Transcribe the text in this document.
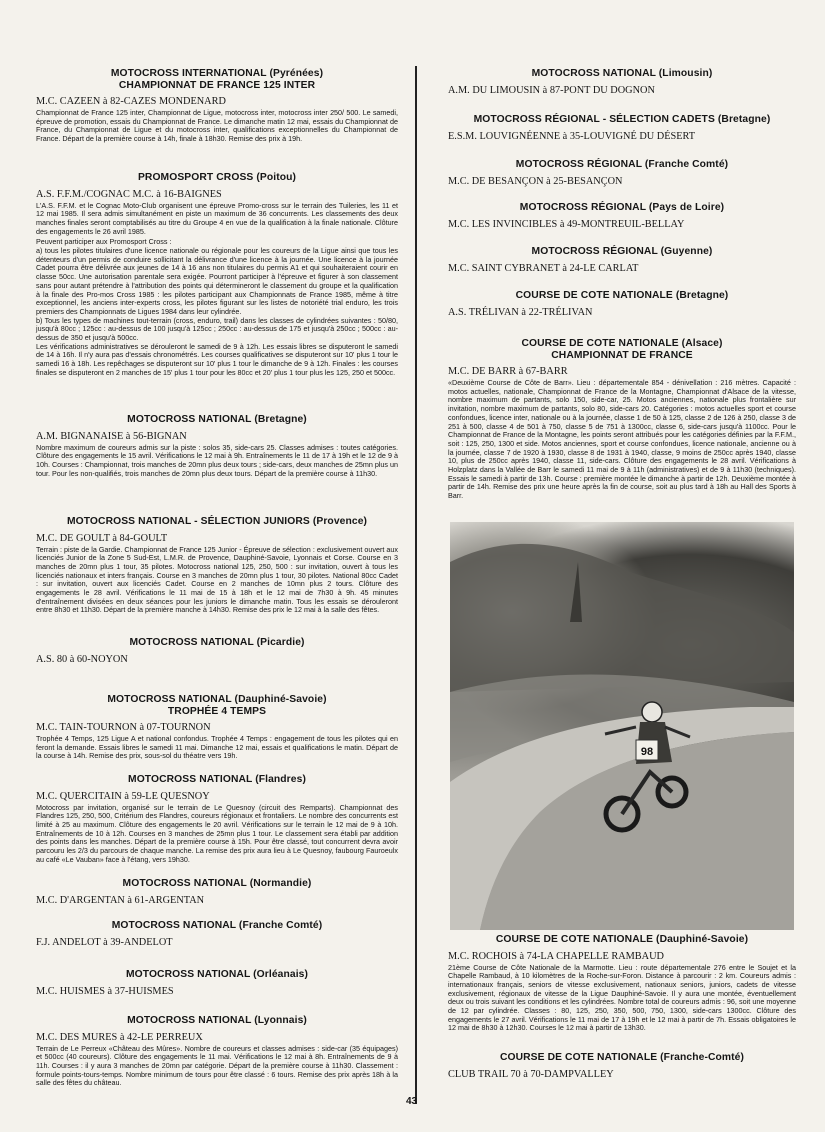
MOTOCROSS INTERNATIONAL (Pyrénées)
CHAMPIONNAT DE FRANCE 125 INTER
M.C. CAZEEN à 82-CAZES MONDENARD

Championnat de France 125 inter, Championnat de Ligue, motocross inter, motocross inter 250/ 500. Le samedi, épreuve de promotion, essais du Championnat de France. Le dimanche matin 12 mai, essais du Championnat de France, du Championnat de Ligue et du motocross inter, qualifications exceptionnelles du Championnat de France. Départ de la première course à 14h, finale à 18h30. Remise des prix à 19h.

PROMOSPORT CROSS (Poitou)
A.S. F.F.M./COGNAC M.C. à 16-BAIGNES

L'A.S. F.F.M. et le Cognac Moto-Club organisent une épreuve Promo-cross sur le terrain des Tuileries, les 11 et 12 mai 1985. Il sera admis simultanément en piste un maximum de 36 concurrents. Les classements des deux manches finales seront comptabilisés au titre du Groupe 4 en vue de la qualification à la finale nationale. Clôture des engagements le 26 avril 1985.

Peuvent participer aux Promosport Cross :
a) tous les pilotes titulaires d'une licence nationale ou régionale pour les coureurs de la Ligue ainsi que tous les détenteurs d'un permis de conduire sollicitant la délivrance d'une licence à la journée. Une licence à la journée Cadet pourra être délivrée aux jeunes de 14 à 16 ans non titulaires du permis A1 et qui souhaiteraient courir en classe 50cc. Une autorisation parentale sera exigée. Pourront participer à l'épreuve et figurer à son classement sans pour autant prétendre à l'attribution des points qui détermineront le classement du groupe et la qualification à la finale des Pro-mos Cross 1985 : les pilotes participant aux Championnats de France 1985, même à titre exceptionnel, les anciens inter-experts cross, les pilotes figurant sur les listes de notoriété trial enduro, les trois premiers des Championnats de Ligues 1984 dans leur cylindrée.
b) Tous les types de machines tout-terrain (cross, enduro, trail) dans les classes de cylindrées suivantes : 50/80, jusqu'à 80cc ; 125cc : au-dessus de 100 jusqu'à 125cc ; 250cc : au-dessus de 175 et jusqu'à 250cc ; 500cc : au-dessus de 350 et jusqu'à 500cc.
Les vérifications administratives se dérouleront le samedi de 9 à 12h. Les essais libres se disputeront le samedi de 14 à 16h. Il n'y aura pas d'essais chronométrés. Les courses qualificatives se disputeront sur 10' plus 1 tour le samedi 16 à 18h. Les repêchages se disputeront sur 10' plus 1 tour le dimanche de 9 à 12h. Finales : les courses finales se disputeront en 2 manches de 15' plus 1 tour pour les 80cc et 20' plus 1 tour plus les 125, 250 et 500cc.

MOTOCROSS NATIONAL (Bretagne)
A.M. BIGNANAISE à 56-BIGNAN

Nombre maximum de coureurs admis sur la piste : solos 35, side-cars 25. Classes admises : toutes catégories. Clôture des engagements le 15 avril. Vérifications le 12 mai à 9h. Entraînements le 11 de 17 à 19h et le 12 de 9 à 10h. Courses : Championnat, trois manches de 20mn plus deux tours ; side-cars, deux manches de 25mn plus un tour. Pour les non-qualifiés, trois manches de 20mn plus deux tours. Départ de la première course à 11h30.

MOTOCROSS NATIONAL - SÉLECTION JUNIORS (Provence)
M.C. DE GOULT à 84-GOULT

Terrain : piste de la Gardie. Championnat de France 125 Junior - Épreuve de sélection : exclusivement ouvert aux licenciés Junior de la Zone 5 Sud-Est, L.M.R. de Provence, Dauphiné-Savoie, Lyonnais et Corse. Course en 3 manches de 20mn plus 1 tour, 35 pilotes. Motocross national 125, 250, 500 : sur invitation, ouvert à tous les licenciés nationaux et inters français. Course en 3 manches de 20mn plus 1 tour, 30 pilotes. National 80cc Cadet : sur invitation, ouvert aux licenciés Cadet. Course en 2 manches de 10mn plus 2 tours. Clôture des engagements le 28 avril. Vérifications le 11 mai de 15 à 18h et le 12 mai de 7h30 à 9h. 45 minutes d'entraînement divisées en deux séances pour les juniors le dimanche matin. Tous les essais se dérouleront entre 8h30 et 11h30. Départ de la première manche à 14h30. Remise des prix le 12 mai à la salle des fêtes.

MOTOCROSS NATIONAL (Picardie)
A.S. 80 à 60-NOYON
MOTOCROSS NATIONAL (Dauphiné-Savoie)
TROPHÉE 4 TEMPS
M.C. TAIN-TOURNON à 07-TOURNON

Trophée 4 Temps, 125 Ligue A et national confondus. Trophée 4 Temps : engagement de tous les pilotes qui en feront la demande. Essais libres le samedi 11 mai. Dimanche 12 mai, essais et qualifications le matin. Départ de la course à 14h. Remise des prix, sous-sol du théatre vers 19h.

MOTOCROSS NATIONAL (Flandres)
M.C. QUERCITAIN à 59-LE QUESNOY

Motocross par invitation, organisé sur le terrain de Le Quesnoy (circuit des Remparts). Championnat des Flandres 125, 250, 500, Critérium des Flandres, coureurs régionaux et frontaliers. Le nombre des concurrents est limité à 25 au maximum. Clôture des engagements le 20 avril. Vérifications sur le terrain le 12 mai de 9 à 10h. Entraînements de 10 à 12h. Courses en 3 manches de 25mn plus 1 tour. Le classement sera établi par addition des points dans les manches. Départ de la première course à 15h. Pour être classé, tout concurrent devra avoir parcouru les 2/3 du parcours de chaque manche. La remise des prix aura lieu à Le Quesnoy, faubourg Fauroeulx au café «Le Vauban» face à l'étang, vers 19h30.

MOTOCROSS NATIONAL (Normandie)
M.C. D'ARGENTAN à 61-ARGENTAN
MOTOCROSS NATIONAL (Franche Comté)
F.J. ANDELOT à 39-ANDELOT
MOTOCROSS NATIONAL (Orléanais)
M.C. HUISMES à 37-HUISMES
MOTOCROSS NATIONAL (Lyonnais)
M.C. DES MURES à 42-LE PERREUX

Terrain de Le Perreux «Château des Mûres». Nombre de coureurs et classes admises : side-car (35 équipages) et 500cc (40 coureurs). Clôture des engagements le 11 mai. Vérifications le 12 mai à 8h. Entraînements de 9 à 11h. Courses : il y aura 3 manches de 20mn par catégorie. Départ de la première course à 11h30. Classement : formule points-tours-temps. Nombre minimum de tours pour être classé : 6 tours. Remise des prix après 18h à la salle des fêtes du château.

MOTOCROSS NATIONAL (Limousin)
A.M. DU LIMOUSIN à 87-PONT DU DOGNON
MOTOCROSS RÉGIONAL - SÉLECTION CADETS (Bretagne)
E.S.M. LOUVIGNÉENNE à 35-LOUVIGNÉ DU DÉSERT
MOTOCROSS RÉGIONAL (Franche Comté)
M.C. DE BESANÇON à 25-BESANÇON
MOTOCROSS RÉGIONAL (Pays de Loire)
M.C. LES INVINCIBLES à 49-MONTREUIL-BELLAY
MOTOCROSS RÉGIONAL (Guyenne)
M.C. SAINT CYBRANET à 24-LE CARLAT
COURSE DE COTE NATIONALE (Bretagne)
A.S. TRÉLIVAN à 22-TRÉLIVAN
COURSE DE COTE NATIONALE (Alsace)
CHAMPIONNAT DE FRANCE
M.C. DE BARR à 67-BARR

«Deuxième Course de Côte de Barr». Lieu : départementale 854 - dénivellation : 216 mètres. Capacité : motos actuelles, nationale, Championnat de France de la Montagne, Championnat d'Alsace de la vitesse, nombre maximum de partants, solo 150, side-car, 25. Motos anciennes, nationale plus frontalière sur invitation, nombre maximum de partants, solo 80, side-cars 20. Catégories : motos actuelles sport et course confondues, licence inter, nationale ou à la journée, classe 1 de 50 à 125, classe 2 de 126 à 250, classe 3 de 251 à 500, classe 4 de 501 à 750, classe 5 de 751 à 1300cc, classe 6, side-cars jusqu'à 1100cc. Pour le Championnat de France de la Montagne, les points seront attribués pour les catégories définies par la F.F.M., soit : 125, 250, 1300 et side. Motos anciennes, sport et course confondues, licence nationale, ancienne ou à la journée, classe 7 de 1920 à 1930, classe 8 de 1931 à 1940, classe, 9 moins de 250cc après 1940, classe 10, plus de 250cc après 1940, classe 11, side-cars. Clôture des engagements le 28 avril. Vérifications à Holzplatz dans la Vallée de Barr le samedi 11 mai de 9 à 11h (administratives) et de 9 à 11h30 (techniques). Essais le samedi à partir de 13h. Course : première montée le dimanche à partir de 12h. Deuxième montée à partir de 14h. Remise des prix une heure après la fin de course, soit au plus tard à 18h au Hall des Sports à Barr.

COURSE DE COTE NATIONALE (Dauphiné-Savoie)
M.C. ROCHOIS à 74-LA CHAPELLE RAMBAUD

21ème Course de Côte Nationale de la Marmotte. Lieu : route départementale 276 entre le Soujet et la Chapelle Rambaud, à 10 kilomètres de la Roche-sur-Foron. Distance à parcourir : 2 km. Coureurs admis : internationaux français, seniors de vitesse exclusivement, nationaux seniors, juniors, cadets de vitesse exclusivement, régionaux de vitesse de la Ligue Dauphiné-Savoie. Il y aura une montée, éventuellement deux ou trois suivant les conditions et les cylindrées. Nombre total de coureurs admis : 96, soit une moyenne de 12 par cylindrée. Classes : 80, 125, 250, 350, 500, 750, 1300, side-cars 1300cc. Clôture des engagements le 27 avril. Vérifications le 11 mai de 17 à 19h et le 12 mai à partir de 7h. Essais obligatoires le 12 mai de 8h30 à 12h30. Courses le 12 mai à partir de 13h30.

COURSE DE COTE NATIONALE (Franche-Comté)
CLUB TRAIL 70 à 70-DAMPVALLEY
98
43
